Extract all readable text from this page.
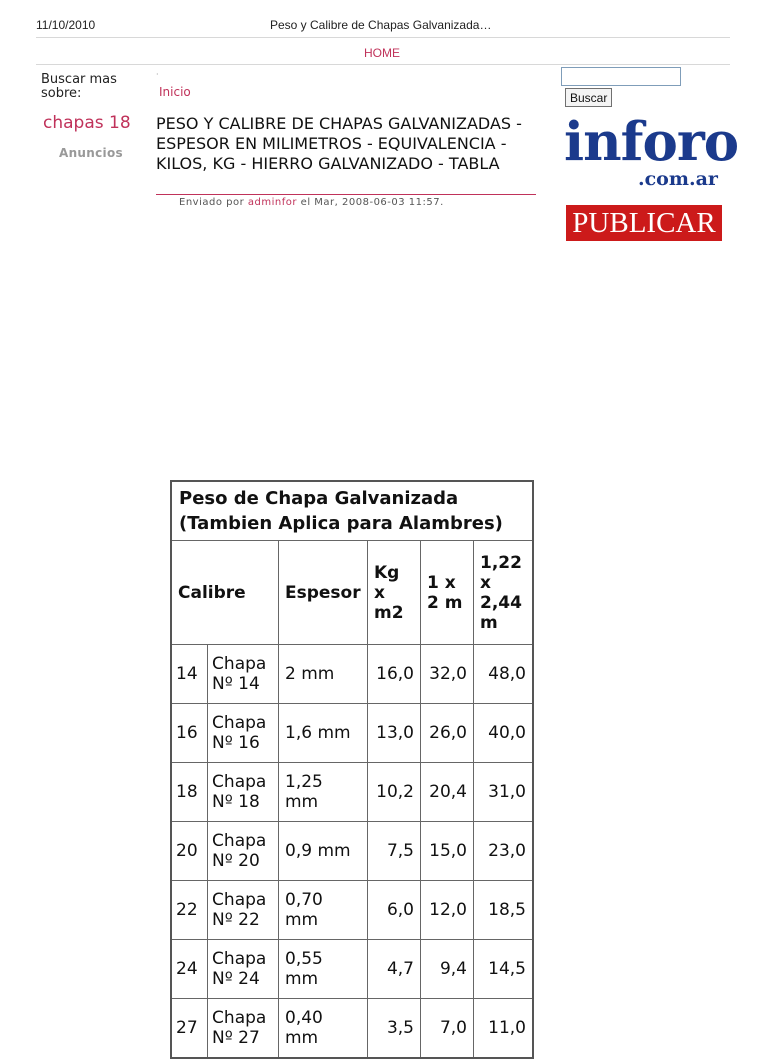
11/10/2010	Peso y Calibre de Chapas Galvanizada…
HOME
Buscar mas sobre:
·
Inicio
chapas 18
Anuncios
PESO Y CALIBRE DE CHAPAS GALVANIZADAS - ESPESOR EN MILIMETROS - EQUIVALENCIA - KILOS, KG - HIERRO GALVANIZADO - TABLA
Enviado por adminfor el Mar, 2008-06-03 11:57.
Buscar
inforo
.com.ar
PUBLICAR
Peso de Chapa Galvanizada (Tambien Aplica para Alambres)					
Calibre		Espesor	Kg x m2	1 x 2 m	1,22 x 2,44 m
14	Chapa Nº 14	2 mm	16,0	32,0	48,0
16	Chapa Nº 16	1,6 mm	13,0	26,0	40,0
18	Chapa Nº 18	1,25 mm	10,2	20,4	31,0
20	Chapa Nº 20	0,9 mm	7,5	15,0	23,0
22	Chapa Nº 22	0,70 mm	6,0	12,0	18,5
24	Chapa Nº 24	0,55 mm	4,7	9,4	14,5
27	Chapa Nº 27	0,40 mm	3,5	7,0	11,0
